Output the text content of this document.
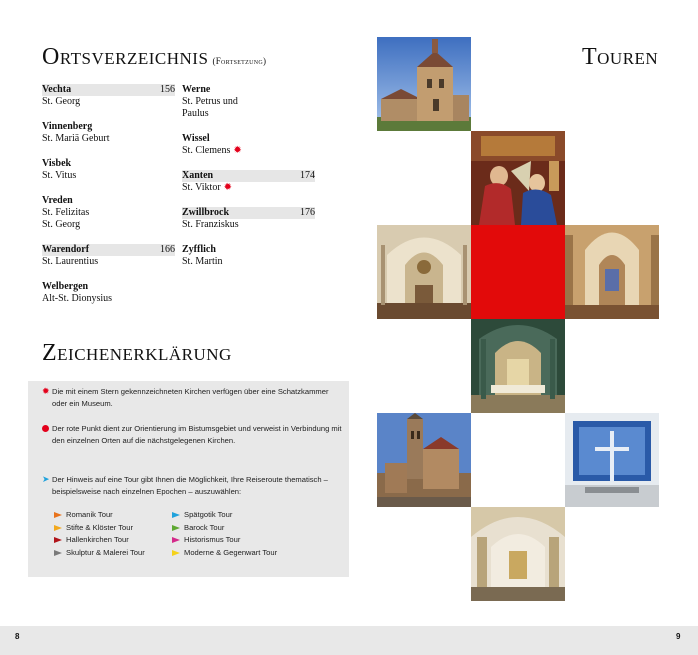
Ortsverzeichnis (Fortsetzung)
Vechta	156
St. Georg
Vinnenberg
St. Mariä Geburt
Visbek
St. Vitus
Vreden
St. Felizitas
St. Georg
Warendorf	166
St. Laurentius
Welbergen
Alt-St. Dionysius
Werne
St. Petrus und Paulus
Wissel
St. Clemens ✹
Xanten	174
St. Viktor ✹
Zwillbrock	176
St. Franziskus
Zyfflich
St. Martin
Zeichenerklärung
✹ Die mit einem Stern gekennzeichneten Kirchen verfügen über eine Schatzkammer oder ein Museum.
Der rote Punkt dient zur Orientierung im Bistumsgebiet und verweist in Verbindung mit den einzelnen Orten auf die nächstgelegenen Kirchen.
➤ Der Hinweis auf eine Tour gibt Ihnen die Möglichkeit, Ihre Reiseroute thematisch – beispielsweise nach einzelnen Epochen – auszuwählen:
Romanik Tour	Spätgotik Tour
Stifte & Klöster Tour	Barock Tour
Hallenkirchen Tour	Historismus Tour
Skulptur & Malerei Tour	Moderne & Gegenwart Tour
Touren
8	9
